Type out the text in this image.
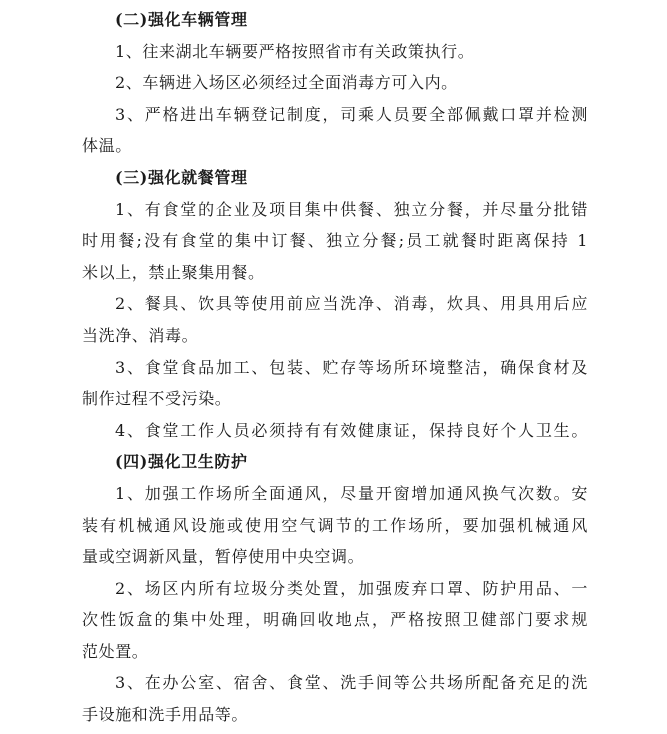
(二)强化车辆管理
1、往来湖北车辆要严格按照省市有关政策执行。
2、车辆进入场区必须经过全面消毒方可入内。
3、严格进出车辆登记制度，司乘人员要全部佩戴口罩并检测
体温。
(三)强化就餐管理
1、有食堂的企业及项目集中供餐、独立分餐，并尽量分批错
时用餐;没有食堂的集中订餐、独立分餐;员工就餐时距离保持 1
米以上，禁止聚集用餐。
2、餐具、饮具等使用前应当洗净、消毒，炊具、用具用后应
当洗净、消毒。
3、食堂食品加工、包装、贮存等场所环境整洁，确保食材及
制作过程不受污染。
4、食堂工作人员必须持有有效健康证，保持良好个人卫生。
(四)强化卫生防护
1、加强工作场所全面通风，尽量开窗增加通风换气次数。安
装有机械通风设施或使用空气调节的工作场所，要加强机械通风
量或空调新风量，暂停使用中央空调。
2、场区内所有垃圾分类处置，加强废弃口罩、防护用品、一
次性饭盒的集中处理，明确回收地点，严格按照卫健部门要求规
范处置。
3、在办公室、宿舍、食堂、洗手间等公共场所配备充足的洗
手设施和洗手用品等。
